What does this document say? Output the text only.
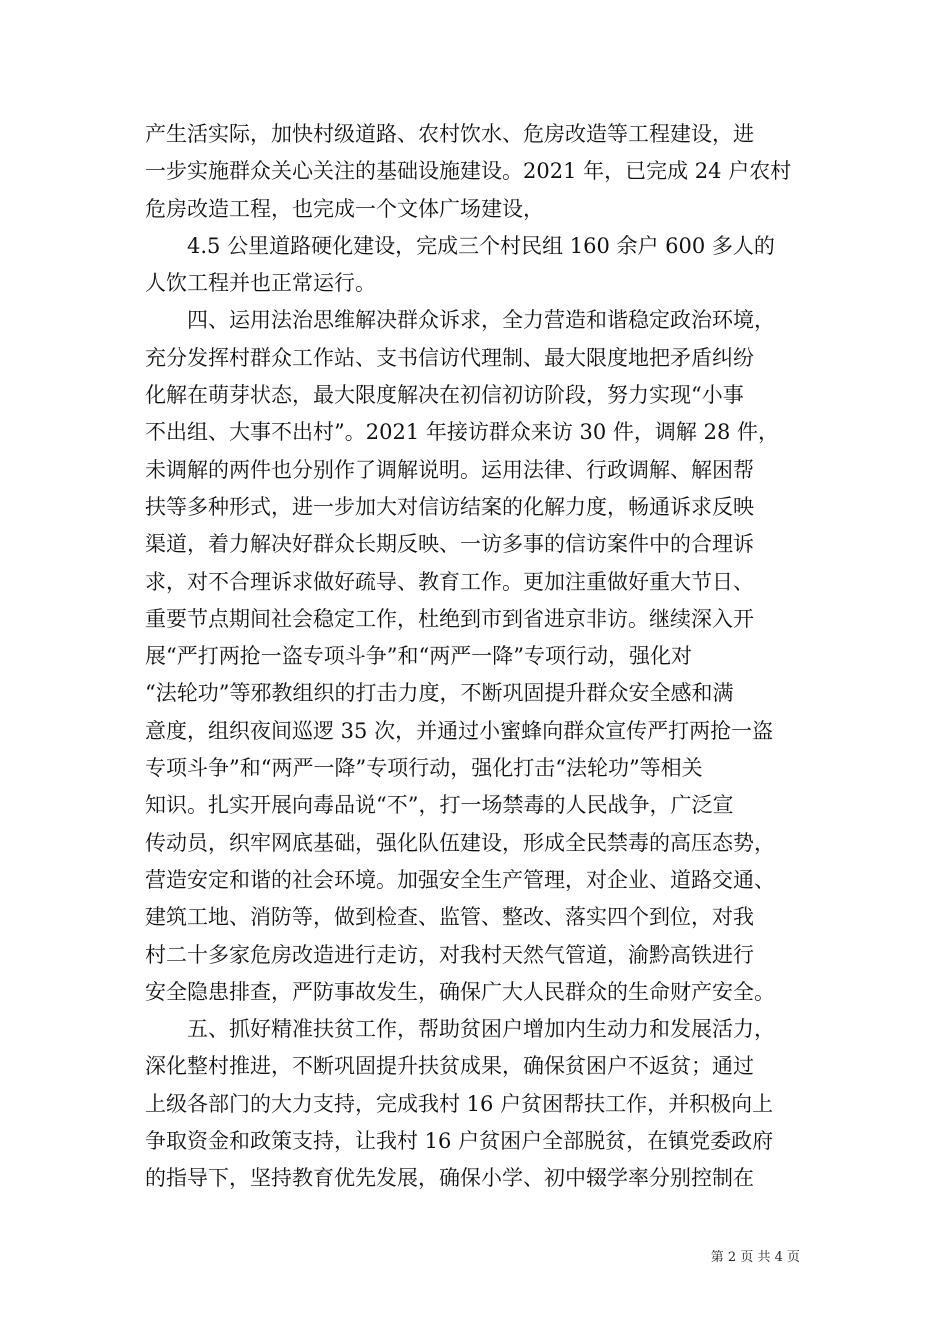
产生活实际，加快村级道路、农村饮水、危房改造等工程建设，进
一步实施群众关心关注的基础设施建设。2021 年，已完成 24 户农村
危房改造工程，也完成一个文体广场建设，
　　4.5 公里道路硬化建设，完成三个村民组 160 余户 600 多人的
人饮工程并也正常运行。
　　四、运用法治思维解决群众诉求，全力营造和谐稳定政治环境，
充分发挥村群众工作站、支书信访代理制、最大限度地把矛盾纠纷
化解在萌芽状态，最大限度解决在初信初访阶段，努力实现“小事
不出组、大事不出村”。2021 年接访群众来访 30 件，调解 28 件，
未调解的两件也分别作了调解说明。运用法律、行政调解、解困帮
扶等多种形式，进一步加大对信访结案的化解力度，畅通诉求反映
渠道，着力解决好群众长期反映、一访多事的信访案件中的合理诉
求，对不合理诉求做好疏导、教育工作。更加注重做好重大节日、
重要节点期间社会稳定工作，杜绝到市到省进京非访。继续深入开
展“严打两抢一盗专项斗争”和“两严一降”专项行动，强化对
“法轮功”等邪教组织的打击力度，不断巩固提升群众安全感和满
意度，组织夜间巡逻 35 次，并通过小蜜蜂向群众宣传严打两抢一盗
专项斗争”和“两严一降”专项行动，强化打击“法轮功”等相关
知识。扎实开展向毒品说“不”，打一场禁毒的人民战争，广泛宣
传动员，织牢网底基础，强化队伍建设，形成全民禁毒的高压态势，
营造安定和谐的社会环境。加强安全生产管理，对企业、道路交通、
建筑工地、消防等，做到检查、监管、整改、落实四个到位，对我
村二十多家危房改造进行走访，对我村天然气管道，渝黔高铁进行
安全隐患排查，严防事故发生，确保广大人民群众的生命财产安全。
　　五、抓好精准扶贫工作，帮助贫困户增加内生动力和发展活力，
深化整村推进，不断巩固提升扶贫成果，确保贫困户不返贫；通过
上级各部门的大力支持，完成我村 16 户贫困帮扶工作，并积极向上
争取资金和政策支持，让我村 16 户贫困户全部脱贫，在镇党委政府
的指导下，坚持教育优先发展，确保小学、初中辍学率分别控制在
第 2 页 共 4 页
